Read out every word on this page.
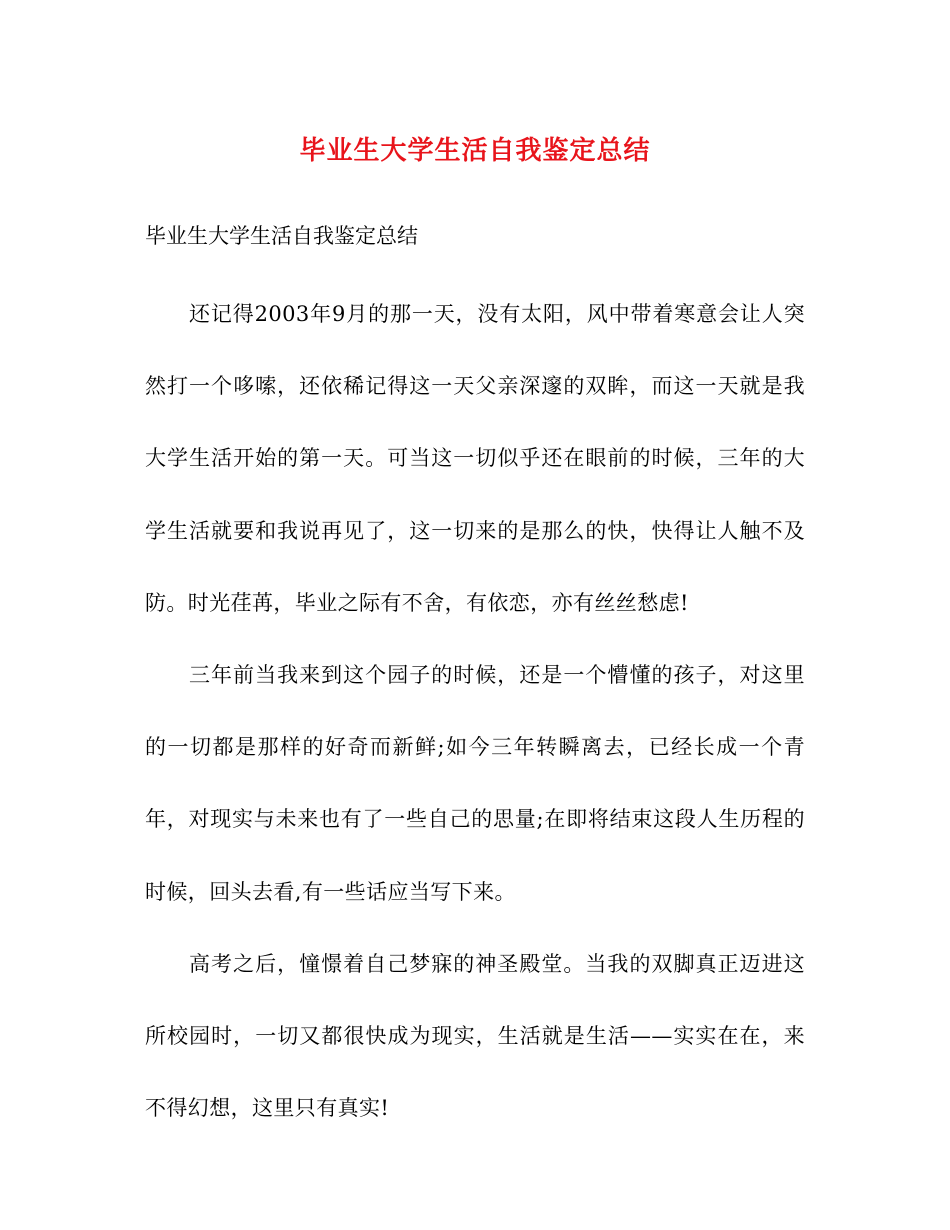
毕业生大学生活自我鉴定总结
毕业生大学生活自我鉴定总结

还记得2003年9月的那一天，没有太阳，风中带着寒意会让人突然打一个哆嗦，还依稀记得这一天父亲深邃的双眸，而这一天就是我大学生活开始的第一天。可当这一切似乎还在眼前的时候，三年的大学生活就要和我说再见了，这一切来的是那么的快，快得让人触不及防。时光荏苒，毕业之际有不舍，有依恋，亦有丝丝愁虑!

三年前当我来到这个园子的时候，还是一个懵懂的孩子，对这里的一切都是那样的好奇而新鲜;如今三年转瞬离去，已经长成一个青年，对现实与未来也有了一些自己的思量;在即将结束这段人生历程的时候，回头去看,有一些话应当写下来。

高考之后，憧憬着自己梦寐的神圣殿堂。当我的双脚真正迈进这所校园时，一切又都很快成为现实，生活就是生活——实实在在，来不得幻想，这里只有真实!
